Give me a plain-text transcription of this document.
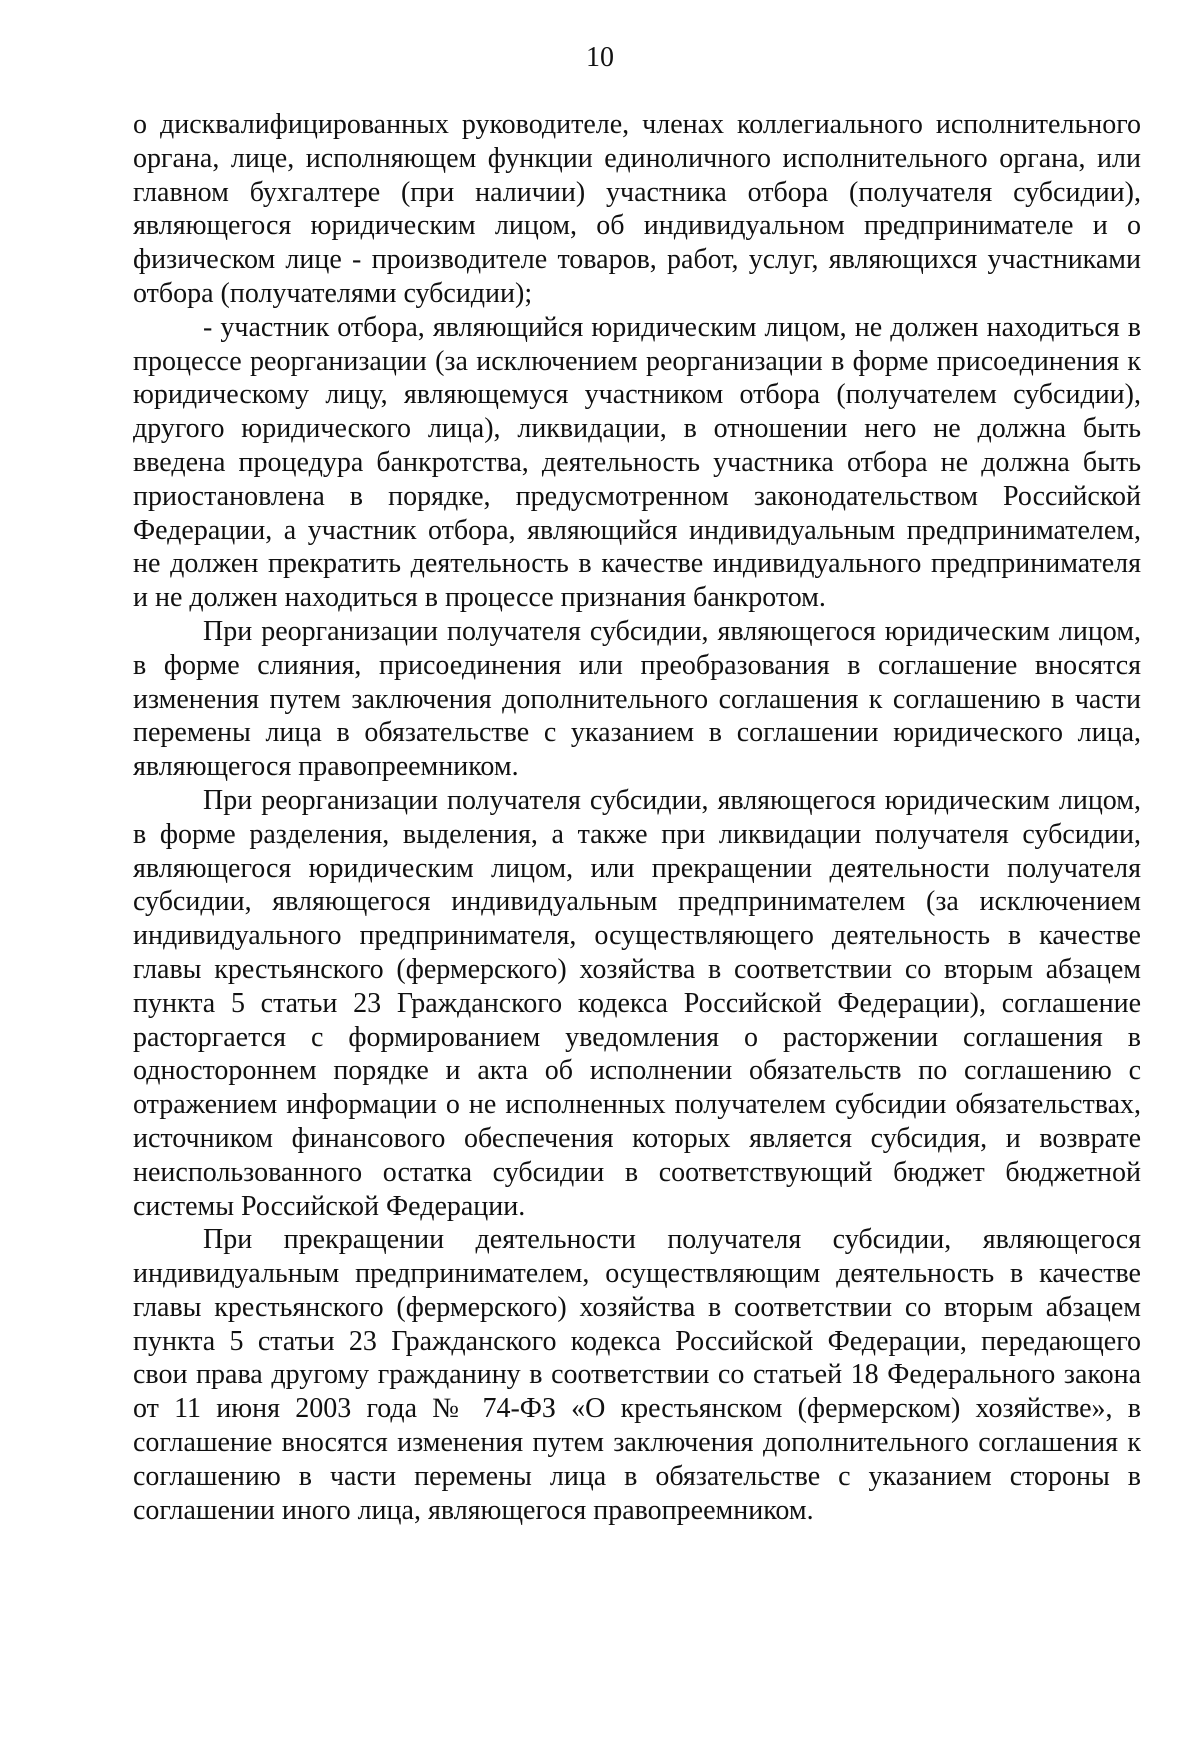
10

о дисквалифицированных руководителе, членах коллегиального исполнительного органа, лице, исполняющем функции единоличного исполнительного органа, или главном бухгалтере (при наличии) участника отбора (получателя субсидии), являющегося юридическим лицом, об индивидуальном предпринимателе и о физическом лице - производителе товаров, работ, услуг, являющихся участниками отбора (получателями субсидии);

- участник отбора, являющийся юридическим лицом, не должен находиться в процессе реорганизации (за исключением реорганизации в форме присоединения к юридическому лицу, являющемуся участником отбора (получателем субсидии), другого юридического лица), ликвидации, в отношении него не должна быть введена процедура банкротства, деятельность участника отбора не должна быть приостановлена в порядке, предусмотренном законодательством Российской Федерации, а участник отбора, являющийся индивидуальным предпринимателем, не должен прекратить деятельность в качестве индивидуального предпринимателя и не должен находиться в процессе признания банкротом.

При реорганизации получателя субсидии, являющегося юридическим лицом, в форме слияния, присоединения или преобразования в соглашение вносятся изменения путем заключения дополнительного соглашения к соглашению в части перемены лица в обязательстве с указанием в соглашении юридического лица, являющегося правопреемником.

При реорганизации получателя субсидии, являющегося юридическим лицом, в форме разделения, выделения, а также при ликвидации получателя субсидии, являющегося юридическим лицом, или прекращении деятельности получателя субсидии, являющегося индивидуальным предпринимателем (за исключением индивидуального предпринимателя, осуществляющего деятельность в качестве главы крестьянского (фермерского) хозяйства в соответствии со вторым абзацем пункта 5 статьи 23 Гражданского кодекса Российской Федерации), соглашение расторгается с формированием уведомления о расторжении соглашения в одностороннем порядке и акта об исполнении обязательств по соглашению с отражением информации о не исполненных получателем субсидии обязательствах, источником финансового обеспечения которых является субсидия, и возврате неиспользованного остатка субсидии в соответствующий бюджет бюджетной системы Российской Федерации.

При прекращении деятельности получателя субсидии, являющегося индивидуальным предпринимателем, осуществляющим деятельность в качестве главы крестьянского (фермерского) хозяйства в соответствии со вторым абзацем пункта 5 статьи 23 Гражданского кодекса Российской Федерации, передающего свои права другому гражданину в соответствии со статьей 18 Федерального закона от 11 июня 2003 года № 74-ФЗ «О крестьянском (фермерском) хозяйстве», в соглашение вносятся изменения путем заключения дополнительного соглашения к соглашению в части перемены лица в обязательстве с указанием стороны в соглашении иного лица, являющегося правопреемником.
